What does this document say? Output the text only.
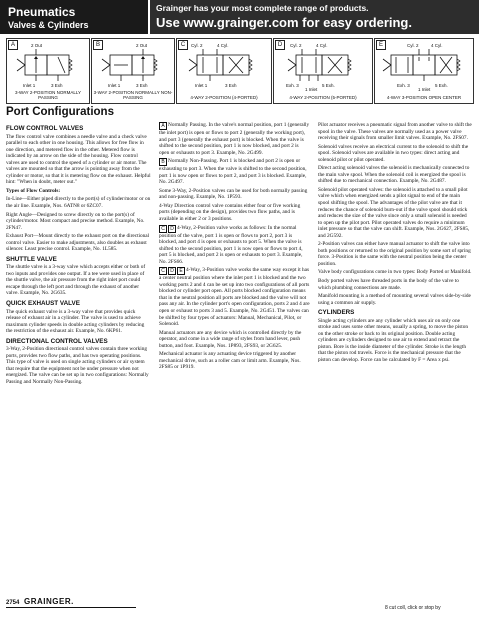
Pneumatics
Valves & Cylinders
Grainger has your most complete range of products.
Use www.grainger.com for easy ordering.
A	2 Out
Inlet 1	3 Exh
3-WAY 2-POSITION NORMALLY PASSING
B	2 Out
Inlet 1	3 Exh
3-WAY 2-POSITION NORMALLY NON-PASSING
C	Cyl. 2	4 Cyl.
Inlet 1	3 Exh
4-WAY 2-POSITION (4-PORTED)
D	Cyl. 2	4 Cyl.
Exh. 3
1 Inlet
5 Exh.
4-WAY 2-POSITION (5-PORTED)
E	Cyl. 2	4 Cyl.
Exh. 3
1 Inlet
5 Exh.
4-WAY 3-POSITION OPEN CENTER
Port Configurations
FLOW CONTROL VALVES

The flow control valve combines a needle valve and a check valve parallel to each other in one housing. This allows for free flow in one direction, and metered flow in the other. Metered flow is indicated by an arrow on the side of the housing. Flow control valves are used to control the speed of a cylinder or air motor. The valves are mounted so that the arrow is pointing away from the cylinder or motor, so that it is metering flow on the exhaust. Helpful hint: "When in doubt, meter out."

Types of Flow Controls:

In-Line—Either piped directly to the port(s) of cylinder/motor or on the air line. Example, Nos. 6ATN8 or 6ZC07.

Right Angle—Designed to screw directly on to the port(s) of cylinder/motor. Most compact and precise method. Example, No. 2FN47.

Exhaust Port—Mount directly to the exhaust port on the directional control valve. Easier to make adjustments, also doubles as exhaust silencer. Least precise control. Example, No. 1L585.

SHUTTLE VALVE

The shuttle valve is a 3-way valve which accepts either or both of two inputs and provides one output. If a tee were used in place of the shuttle valve, the air pressure from the right inlet port could escape through the left port and through the exhaust of another valve. Example, No. 2G635.

QUICK EXHAUST VALVE

The quick exhaust valve is a 3-way valve that provides quick release of exhaust air in a cylinder. The valve is used to achieve maximum cylinder speeds in double acting cylinders by reducing the restriction of the exhaust air. Example, No. 6KP61.

DIRECTIONAL CONTROL VALVES

3-Way, 2-Position directional control valves contain three working ports, provides two flow paths, and has two operating positions. This type of valve is used on single acting cylinders or air system that require that the equipment not be under pressure when not energized. The valve can be set up in two configurations: Normally Passing and Normally Non-Passing.

A Normally Passing. In the valve's normal position, port 1 (generally the inlet port) is open or flows to port 2 (generally the working port), and port 3 (generally the exhaust port) is blocked. When the valve is shifted to the second position, port 1 is now blocked, and port 2 is open or exhausts to port 3. Example, No. 2G499.

B Normally Non-Passing. Port 1 is blocked and port 2 is open or exhausting to port 3. When the valve is shifted to the second position, port 1 is now open or flows to port 2, and port 3 is blocked. Example, No. 2G497.

Some 3-Way, 2-Position valves can be used for both normally passing and non-passing. Example, No. 1P593.

4-Way Direction control valve contains either four or five working ports (depending on the design), provides two flow paths, and is available in either 2 or 3 positions.

C D 4-Way, 2-Position valve works as follows: In the normal position of the valve, port 1 is open or flows to port 2, port 3 is blocked, and port 4 is open or exhausts to port 5. When the valve is shifted to the second position, port 1 is now open or flows to port 4, port 5 is blocked, and port 2 is open or exhausts to port 3. Example, No. 2FS66.

C D E 4-Way, 3-Position valve works the same way except it has a center neutral position where the inlet port 1 is blocked and the two working ports 2 and 4 can be set up into two configurations of all ports blocked or cylinder port open. All ports blocked configuration means that in the neutral position all ports are blocked and the valve will not pass any air. In the cylinder port's open configuration, ports 2 and 4 are open or exhaust to ports 3 and 5. Example, No. 2G451. The valves can be shifted by four types of actuators: Manual, Mechanical, Pilot, or Solenoid.

Manual actuators are any device which is controlled directly by the operator, and come in a wide range of styles from hand lever, push button, and foot. Example, Nos. 1P893, 2FS93, or 2G625.

Mechanical actuator is any actuating device triggered by another mechanical drive, such as a roller cam or limit arm. Example, Nos. 2FS85 or 1P919.

Pilot actuator receives a pneumatic signal from another valve to shift the spool in the valve. These valves are normally used as a power valve receiving their signals from smaller limit valves. Example, No. 2FS07.

Solenoid valves receive an electrical current to the solenoid to shift the spool. Solenoid valves are available in two types: direct acting and solenoid pilot or pilot operated.

Direct acting solenoid valves the solenoid is mechanically connected to the main valve spool. When the solenoid coil is energized the spool is shifted due to mechanical connection. Example, No. 2G487.

Solenoid pilot operated valves: the solenoid is attached to a small pilot valve which when energized sends a pilot signal to end of the main spool shifting the spool. The advantages of the pilot valve are that it reduces the chance of solenoid burn-out if the valve spool should stick and reduces the size of the valve since only a small solenoid is needed to open up the pilot port. Pilot operated valves do require a minimum inlet pressure so that the valve can shift. Example, Nos. 2G627, 2FS85, and 2G592.

2-Position valves can either have manual actuator to shift the valve into both positions or returned to the original position by some sort of spring force. 3-Position is the same with the neutral position being the center position.

Valve body configurations come in two types: Body Ported or Manifold.

Body ported valves have threaded ports in the body of the valve to which plumbing connections are made.

Manifold mounting is a method of mounting several valves side-by-side using a common air supply.

CYLINDERS

Single acting cylinders are any cylinder which uses air on only one stroke and uses some other means, usually a spring, to move the piston on the other stroke or back to its original position. Double acting cylinders are cylinders designed to use air to extend and retract the piston. Bore is the inside diameter of the cylinder. Stroke is the length that the piston rod travels. Force is the mechanical pressure that the piston can develop. Force can be calculated by F = Area x psi.

2754 GRAINGER.
8 cut coll, click or stop by
